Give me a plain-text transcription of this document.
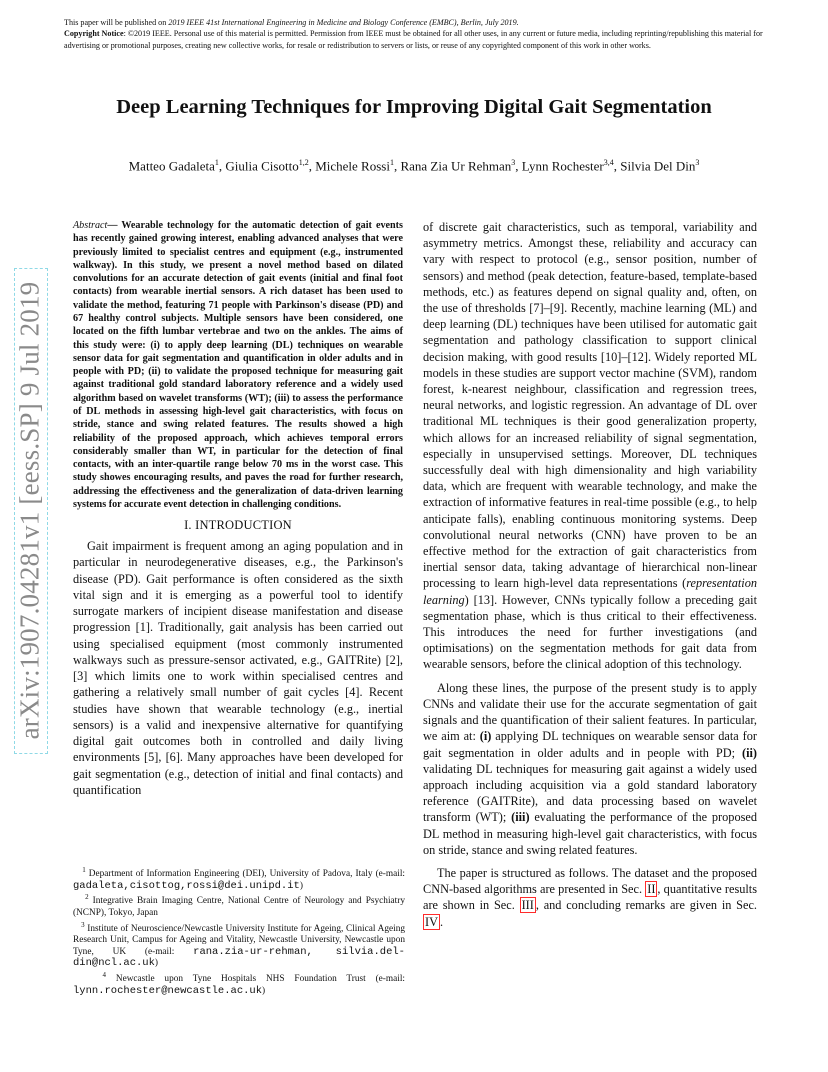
This paper will be published on 2019 IEEE 41st International Engineering in Medicine and Biology Conference (EMBC), Berlin, July 2019.

Copyright Notice: ©2019 IEEE. Personal use of this material is permitted. Permission from IEEE must be obtained for all other uses, in any current or future media, including reprinting/republishing this material for advertising or promotional purposes, creating new collective works, for resale or redistribution to servers or lists, or reuse of any copyrighted component of this work in other works.

arXiv:1907.04281v1 [eess.SP] 9 Jul 2019
Deep Learning Techniques for Improving Digital Gait Segmentation
Matteo Gadaleta$^1$, Giulia Cisotto$^{1,2}$, Michele Rossi$^1$, Rana Zia Ur Rehman$^3$, Lynn Rochester$^{3,4}$, Silvia Del Din$^3$

Abstract— Wearable technology for the automatic detection of gait events has recently gained growing interest, enabling advanced analyses that were previously limited to specialist centres and equipment (e.g., instrumented walkway). In this study, we present a novel method based on dilated convolutions for an accurate detection of gait events (initial and final foot contacts) from wearable inertial sensors. A rich dataset has been used to validate the method, featuring 71 people with Parkinson's disease (PD) and 67 healthy control subjects. Multiple sensors have been considered, one located on the fifth lumbar vertebrae and two on the ankles. The aims of this study were: (i) to apply deep learning (DL) techniques on wearable sensor data for gait segmentation and quantification in older adults and in people with PD; (ii) to validate the proposed technique for measuring gait against traditional gold standard laboratory reference and a widely used algorithm based on wavelet transforms (WT); (iii) to assess the performance of DL methods in assessing high-level gait characteristics, with focus on stride, stance and swing related features. The results showed a high reliability of the proposed approach, which achieves temporal errors considerably smaller than WT, in particular for the detection of final contacts, with an inter-quartile range below 70 ms in the worst case. This study showes encouraging results, and paves the road for further research, addressing the effectiveness and the generalization of data-driven learning systems for accurate event detection in challenging conditions.

I. INTRODUCTION

Gait impairment is frequent among an aging population and in particular in neurodegenerative diseases, e.g., the Parkinson's disease (PD). Gait performance is often considered as the sixth vital sign and it is emerging as a powerful tool to identify surrogate markers of incipient disease manifestation and disease progression [1]. Traditionally, gait analysis has been carried out using specialised equipment (most commonly instrumented walkways such as pressure-sensor activated, e.g., GAITRite) [2], [3] which limits one to work within specialised centres and gathering a relatively small number of gait cycles [4]. Recent studies have shown that wearable technology (e.g., inertial sensors) is a valid and inexpensive alternative for quantifying digital gait outcomes both in controlled and daily living environments [5], [6]. Many approaches have been developed for gait segmentation (e.g., detection of initial and final contacts) and quantification

$^1$ Department of Information Engineering (DEI), University of Padova, Italy (e-mail: gadaleta,cisottog,rossi@dei.unipd.it)

$^2$ Integrative Brain Imaging Centre, National Centre of Neurology and Psychiatry (NCNP), Tokyo, Japan

$^3$ Institute of Neuroscience/Newcastle University Institute for Ageing, Clinical Ageing Research Unit, Campus for Ageing and Vitality, Newcastle University, Newcastle upon Tyne, UK (e-mail: rana.zia-ur-rehman, silvia.del-din@ncl.ac.uk)

$^4$ Newcastle upon Tyne Hospitals NHS Foundation Trust (e-mail: lynn.rochester@newcastle.ac.uk)

of discrete gait characteristics, such as temporal, variability and asymmetry metrics. Amongst these, reliability and accuracy can vary with respect to protocol (e.g., sensor position, number of sensors) and method (peak detection, feature-based, template-based methods, etc.) as features depend on signal quality and, often, on the use of thresholds [7]–[9]. Recently, machine learning (ML) and deep learning (DL) techniques have been utilised for automatic gait segmentation and pathology classification to support clinical decision making, with good results [10]–[12]. Widely reported ML models in these studies are support vector machine (SVM), random forest, k-nearest neighbour, classification and regression trees, neural networks, and logistic regression. An advantage of DL over traditional ML techniques is their good generalization property, which allows for an increased reliability of signal segmentation, especially in unsupervised settings. Moreover, DL techniques successfully deal with high dimensionality and high variability data, which are frequent with wearable technology, and make the extraction of informative features in real-time possible (e.g., to help anticipate falls), enabling continuous monitoring systems. Deep convolutional neural networks (CNN) have proven to be an effective method for the extraction of gait characteristics from inertial sensor data, taking advantage of hierarchical non-linear processing to learn high-level data representations (representation learning) [13]. However, CNNs typically follow a preceding gait segmentation phase, which is thus critical to their effectiveness. This introduces the need for further investigations (and optimisations) on the segmentation methods for gait data from wearable sensors, before the clinical adoption of this technology.

Along these lines, the purpose of the present study is to apply CNNs and validate their use for the accurate segmentation of gait signals and the quantification of their salient features. In particular, we aim at: (i) applying DL techniques on wearable sensor data for gait segmentation in older adults and in people with PD; (ii) validating DL techniques for measuring gait against a widely used approach including acquisition via a gold standard laboratory reference (GAITRite), and data processing based on wavelet transform (WT); (iii) evaluating the performance of the proposed DL method in measuring high-level gait characteristics, with focus on stride, stance and swing related features.

The paper is structured as follows. The dataset and the proposed CNN-based algorithms are presented in Sec. II , quantitative results are shown in Sec. III , and concluding remarks are given in Sec. IV .
